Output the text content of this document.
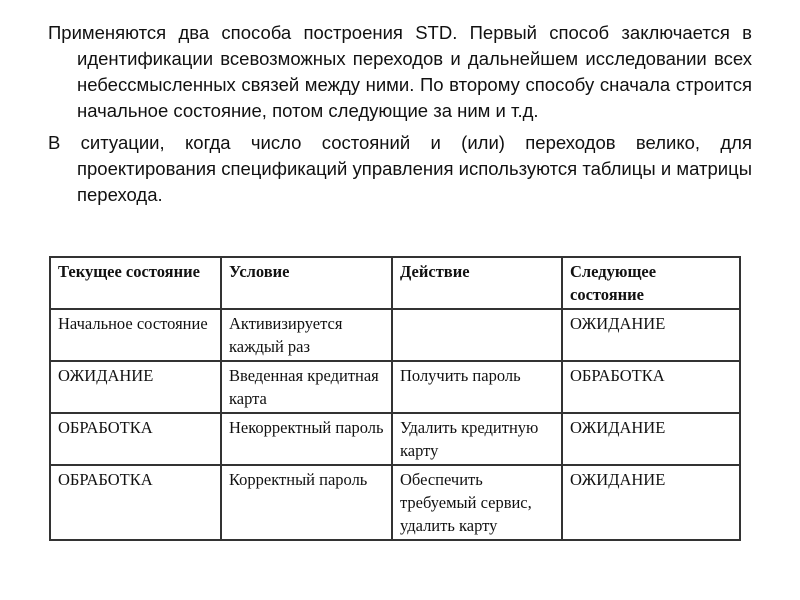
Применяются два способа построения STD. Первый способ заключается в идентификации всевозможных переходов и дальнейшем исследовании всех небессмысленных связей между ними. По второму способу сначала строится начальное состояние, потом следующие за ним и т.д.

В ситуации, когда число состояний и (или) переходов велико, для проектирования спецификаций управления используются таблицы и матрицы перехода.

Текущее состояние	Условие	Действие	Следующее состояние
Начальное состояние	Активизируется каждый раз		ОЖИДАНИЕ
ОЖИДАНИЕ	Введенная кредитная карта	Получить пароль	ОБРАБОТКА
ОБРАБОТКА	Некорректный пароль	Удалить кредитную карту	ОЖИДАНИЕ
ОБРАБОТКА	Корректный пароль	Обеспечить требуемый сервис, удалить карту	ОЖИДАНИЕ
